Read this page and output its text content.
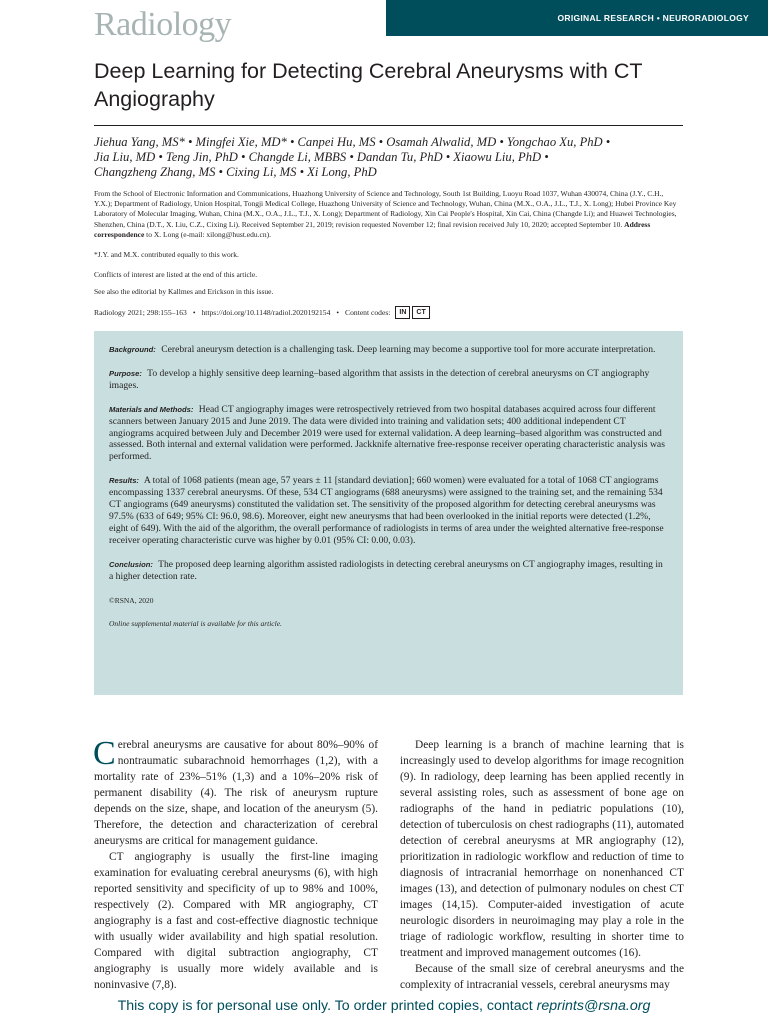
Radiology	ORIGINAL RESEARCH • NEURORADIOLOGY
Deep Learning for Detecting Cerebral Aneurysms with CT Angiography
Jiehua Yang, MS* • Mingfei Xie, MD* • Canpei Hu, MS • Osamah Alwalid, MD • Yongchao Xu, PhD •
Jia Liu, MD • Teng Jin, PhD • Changde Li, MBBS • Dandan Tu, PhD • Xiaowu Liu, PhD •
Changzheng Zhang, MS • Cixing Li, MS • Xi Long, PhD
From the School of Electronic Information and Communications, Huazhong University of Science and Technology, South 1st Building, Luoyu Road 1037, Wuhan 430074, China (J.Y., C.H., Y.X.); Department of Radiology, Union Hospital, Tongji Medical College, Huazhong University of Science and Technology, Wuhan, China (M.X., O.A., J.L., T.J., X. Long); Hubei Province Key Laboratory of Molecular Imaging, Wuhan, China (M.X., O.A., J.L., T.J., X. Long); Department of Radiology, Xin Cai People's Hospital, Xin Cai, China (Changde Li); and Huawei Technologies, Shenzhen, China (D.T., X. Liu, C.Z., Cixing Li). Received September 21, 2019; revision requested November 12; final revision received July 10, 2020; accepted September 10. Address correspondence to X. Long (e-mail: xilong@hust.edu.cn).
*J.Y. and M.X. contributed equally to this work.
Conflicts of interest are listed at the end of this article.
See also the editorial by Kallmes and Erickson in this issue.
Radiology 2021; 298:155–163 • https://doi.org/10.1148/radiol.2020192154 • Content codes:	IN	CT

Background: Cerebral aneurysm detection is a challenging task. Deep learning may become a supportive tool for more accurate interpretation.

Purpose: To develop a highly sensitive deep learning–based algorithm that assists in the detection of cerebral aneurysms on CT angiography images.

Materials and Methods: Head CT angiography images were retrospectively retrieved from two hospital databases acquired across four different scanners between January 2015 and June 2019. The data were divided into training and validation sets; 400 additional independent CT angiograms acquired between July and December 2019 were used for external validation. A deep learning–based algorithm was constructed and assessed. Both internal and external validation were performed. Jackknife alternative free-response receiver operating characteristic analysis was performed.

Results: A total of 1068 patients (mean age, 57 years ± 11 [standard deviation]; 660 women) were evaluated for a total of 1068 CT angiograms encompassing 1337 cerebral aneurysms. Of these, 534 CT angiograms (688 aneurysms) were assigned to the training set, and the remaining 534 CT angiograms (649 aneurysms) constituted the validation set. The sensitivity of the proposed algorithm for detecting cerebral aneurysms was 97.5% (633 of 649; 95% CI: 96.0, 98.6). Moreover, eight new aneurysms that had been overlooked in the initial reports were detected (1.2%, eight of 649). With the aid of the algorithm, the overall performance of radiologists in terms of area under the weighted alternative free-response receiver operating characteristic curve was higher by 0.01 (95% CI: 0.00, 0.03).

Conclusion: The proposed deep learning algorithm assisted radiologists in detecting cerebral aneurysms on CT angiography images, resulting in a higher detection rate.

©RSNA, 2020
Online supplemental material is available for this article.

Cerebral aneurysms are causative for about 80%–90% of nontraumatic subarachnoid hemorrhages (1,2), with a mortality rate of 23%–51% (1,3) and a 10%–20% risk of permanent disability (4). The risk of aneurysm rupture depends on the size, shape, and location of the aneurysm (5). Therefore, the detection and characterization of cerebral aneurysms are critical for management guidance.

CT angiography is usually the first-line imaging examination for evaluating cerebral aneurysms (6), with high reported sensitivity and specificity of up to 98% and 100%, respectively (2). Compared with MR angiography, CT angiography is a fast and cost-effective diagnostic technique with usually wider availability and high spatial resolution. Compared with digital subtraction angiography, CT angiography is usually more widely available and is noninvasive (7,8).

Deep learning is a branch of machine learning that is increasingly used to develop algorithms for image recognition (9). In radiology, deep learning has been applied recently in several assisting roles, such as assessment of bone age on radiographs of the hand in pediatric populations (10), detection of tuberculosis on chest radiographs (11), automated detection of cerebral aneurysms at MR angiography (12), prioritization in radiologic workflow and reduction of time to diagnosis of intracranial hemorrhage on nonenhanced CT images (13), and detection of pulmonary nodules on chest CT images (14,15). Computer-aided investigation of acute neurologic disorders in neuroimaging may play a role in the triage of radiologic workflow, resulting in shorter time to treatment and improved management outcomes (16).

Because of the small size of cerebral aneurysms and the complexity of intracranial vessels, cerebral aneurysms may

This copy is for personal use only. To order printed copies, contact reprints@rsna.org
